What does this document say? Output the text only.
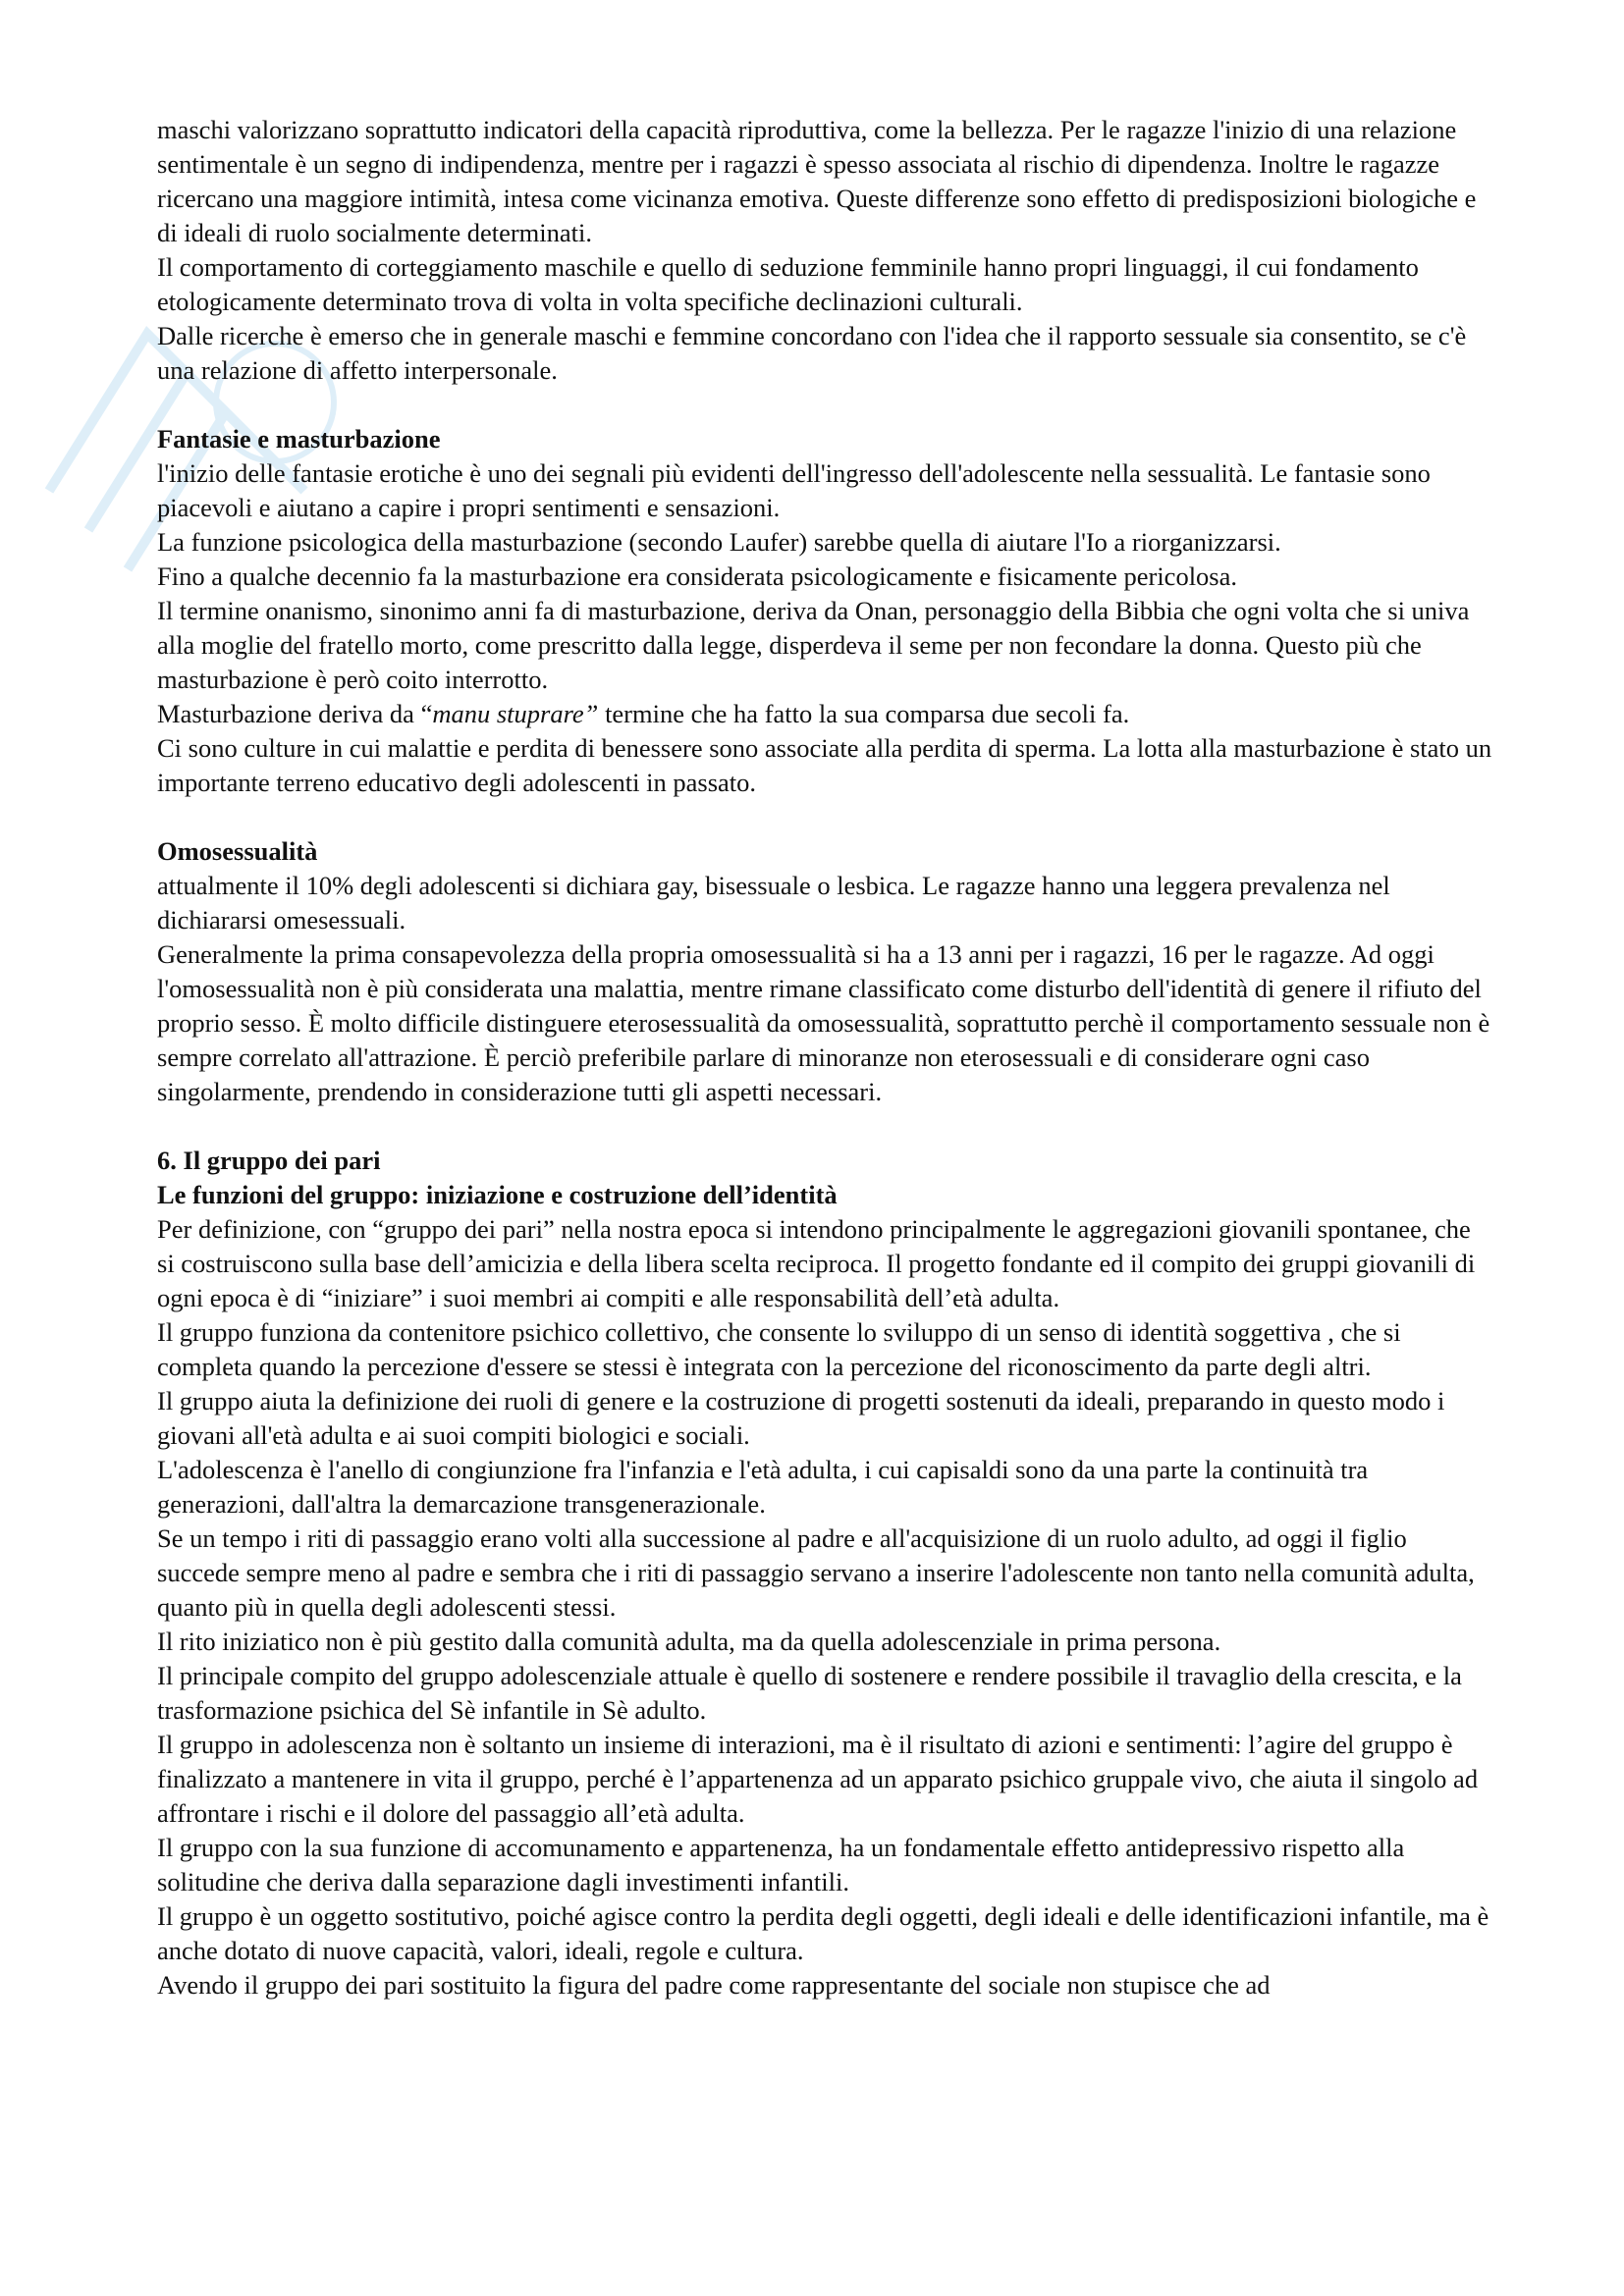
maschi valorizzano soprattutto indicatori della capacità riproduttiva, come la bellezza. Per le ragazze l'inizio di una relazione sentimentale è un segno di indipendenza, mentre per i ragazzi è spesso associata al rischio di dipendenza. Inoltre le ragazze ricercano una maggiore intimità, intesa come vicinanza emotiva. Queste differenze sono effetto di predisposizioni biologiche e di ideali di ruolo socialmente determinati.

Il comportamento di corteggiamento maschile e quello di seduzione femminile hanno propri linguaggi, il cui fondamento etologicamente determinato trova di volta in volta specifiche declinazioni culturali.

Dalle ricerche è emerso che in generale maschi e femmine concordano con l'idea che il rapporto sessuale sia consentito, se c'è una relazione di affetto interpersonale.

Fantasie e masturbazione

l'inizio delle fantasie erotiche è uno dei segnali più evidenti dell'ingresso dell'adolescente nella sessualità. Le fantasie sono piacevoli e aiutano a capire i propri sentimenti e sensazioni.

La funzione psicologica della masturbazione (secondo Laufer) sarebbe quella di aiutare l'Io a riorganizzarsi.

Fino a qualche decennio fa la masturbazione era considerata psicologicamente e fisicamente pericolosa.

Il termine onanismo, sinonimo anni fa di masturbazione, deriva da Onan, personaggio della Bibbia che ogni volta che si univa alla moglie del fratello morto, come prescritto dalla legge, disperdeva il seme per non fecondare la donna. Questo più che masturbazione è però coito interrotto.

Masturbazione deriva da “manu stuprare” termine che ha fatto la sua comparsa due secoli fa.

Ci sono culture in cui malattie e perdita di benessere sono associate alla perdita di sperma. La lotta alla masturbazione è stato un importante terreno educativo degli adolescenti in passato.

Omosessualità

attualmente il 10% degli adolescenti si dichiara gay, bisessuale o lesbica. Le ragazze hanno una leggera prevalenza nel dichiararsi omesessuali.

Generalmente la prima consapevolezza della propria omosessualità si ha a 13 anni per i ragazzi, 16 per le ragazze. Ad oggi l'omosessualità non è più considerata una malattia, mentre rimane classificato come disturbo dell'identità di genere il rifiuto del proprio sesso. È molto difficile distinguere eterosessualità da omosessualità, soprattutto perchè il comportamento sessuale non è sempre correlato all'attrazione. È perciò preferibile parlare di minoranze non eterosessuali e di considerare ogni caso singolarmente, prendendo in considerazione tutti gli aspetti necessari.

6. Il gruppo dei pari

Le funzioni del gruppo: iniziazione e costruzione dell’identità

Per definizione, con “gruppo dei pari” nella nostra epoca si intendono principalmente le aggregazioni giovanili spontanee, che si costruiscono sulla base dell’amicizia e della libera scelta reciproca. Il progetto fondante ed il compito dei gruppi giovanili di ogni epoca è di “iniziare” i suoi membri ai compiti e alle responsabilità dell’età adulta.

Il gruppo funziona da contenitore psichico collettivo, che consente lo sviluppo di un senso di identità soggettiva , che si completa quando la percezione d'essere se stessi è integrata con la percezione del riconoscimento da parte degli altri.

Il gruppo aiuta la definizione dei ruoli di genere e la costruzione di progetti sostenuti da ideali, preparando in questo modo i giovani all'età adulta e ai suoi compiti biologici e sociali.

L'adolescenza è l'anello di congiunzione fra l'infanzia e l'età adulta, i cui capisaldi sono da una parte la continuità tra generazioni, dall'altra la demarcazione transgenerazionale.

Se un tempo i riti di passaggio erano volti alla successione al padre e all'acquisizione di un ruolo adulto, ad oggi il figlio succede sempre meno al padre e sembra che i riti di passaggio servano a inserire l'adolescente non tanto nella comunità adulta, quanto più in quella degli adolescenti stessi.

Il rito iniziatico non è più gestito dalla comunità adulta, ma da quella adolescenziale in prima persona.

Il principale compito del gruppo adolescenziale attuale è quello di sostenere e rendere possibile il travaglio della crescita, e la trasformazione psichica del Sè infantile in Sè adulto.

Il gruppo in adolescenza non è soltanto un insieme di interazioni, ma è il risultato di azioni e sentimenti: l’agire del gruppo è finalizzato a mantenere in vita il gruppo, perché è l’appartenenza ad un apparato psichico gruppale vivo, che aiuta il singolo ad affrontare i rischi e il dolore del passaggio all’età adulta.

Il gruppo con la sua funzione di accomunamento e appartenenza, ha un fondamentale effetto antidepressivo rispetto alla solitudine che deriva dalla separazione dagli investimenti infantili.

Il gruppo è un oggetto sostitutivo, poiché agisce contro la perdita degli oggetti, degli ideali e delle identificazioni infantile, ma è anche dotato di nuove capacità, valori, ideali, regole e cultura.

Avendo il gruppo dei pari sostituito la figura del padre come rappresentante del sociale non stupisce che ad
